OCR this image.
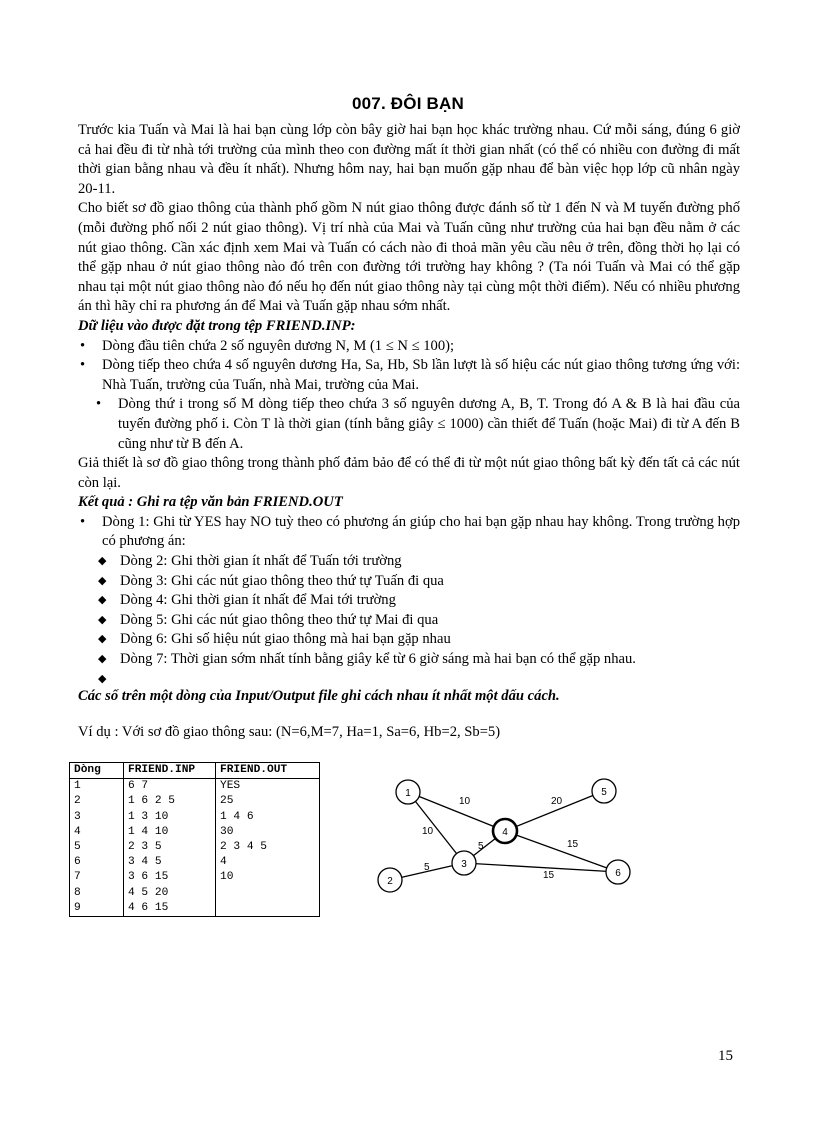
007. ĐÔI BẠN

Trước kia Tuấn và Mai là hai bạn cùng lớp còn bây giờ hai bạn học khác trường nhau. Cứ mỗi sáng, đúng 6 giờ cả hai đều đi từ nhà tới trường của mình theo con đường mất ít thời gian nhất (có thể có nhiều con đường đi mất thời gian bằng nhau và đều ít nhất). Nhưng hôm nay, hai bạn muốn gặp nhau để bàn việc họp lớp cũ nhân ngày 20-11.

Cho biết sơ đồ giao thông của thành phố gồm N nút giao thông được đánh số từ 1 đến N và M tuyến đường phố (mỗi đường phố nối 2 nút giao thông). Vị trí nhà của Mai và Tuấn cũng như trường của hai bạn đều nằm ở các nút giao thông. Cần xác định xem Mai và Tuấn có cách nào đi thoả mãn yêu cầu nêu ở trên, đồng thời họ lại có thể gặp nhau ở nút giao thông nào đó trên con đường tới trường hay không ? (Ta nói Tuấn và Mai có thể gặp nhau tại một nút giao thông nào đó nếu họ đến nút giao thông này tại cùng một thời điểm). Nếu có nhiều phương án thì hãy chỉ ra phương án để Mai và Tuấn gặp nhau sớm nhất.

Dữ liệu vào được đặt trong tệp FRIEND.INP:

• Dòng đầu tiên chứa 2 số nguyên dương N, M (1 ≤ N ≤ 100);
• Dòng tiếp theo chứa 4 số nguyên dương Ha, Sa, Hb, Sb lần lượt là số hiệu các nút giao thông tương ứng với: Nhà Tuấn, trường của Tuấn, nhà Mai, trường của Mai.
• Dòng thứ i trong số M dòng tiếp theo chứa 3 số nguyên dương A, B, T. Trong đó A & B là hai đầu của tuyến đường phố i. Còn T là thời gian (tính bằng giây ≤ 1000) cần thiết để Tuấn (hoặc Mai) đi từ A đến B cũng như từ B đến A.

Giả thiết là sơ đồ giao thông trong thành phố đảm bảo để có thể đi từ một nút giao thông bất kỳ đến tất cả các nút còn lại.

Kết quả : Ghi ra tệp văn bản FRIEND.OUT

• Dòng 1: Ghi từ YES hay NO tuỳ theo có phương án giúp cho hai bạn gặp nhau hay không. Trong trường hợp có phương án:
◆ Dòng 2: Ghi thời gian ít nhất để Tuấn tới trường
◆ Dòng 3: Ghi các nút giao thông theo thứ tự Tuấn đi qua
◆ Dòng 4: Ghi thời gian ít nhất để Mai tới trường
◆ Dòng 5: Ghi các nút giao thông theo thứ tự Mai đi qua
◆ Dòng 6: Ghi số hiệu nút giao thông mà hai bạn gặp nhau
◆ Dòng 7: Thời gian sớm nhất tính bằng giây kể từ 6 giờ sáng mà hai bạn có thể gặp nhau.
◆

Các số trên một dòng của Input/Output file ghi cách nhau ít nhất một dấu cách.

Ví dụ : Với sơ đồ giao thông sau: (N=6,M=7, Ha=1, Sa=6, Hb=2, Sb=5)

Dòng	FRIEND.INP	FRIEND.OUT
1	6 7	YES
2	1 6 2 5	25
3	1 3 10	1 4 6
4	1 4 10	30
5	2 3 5	2 3 4 5
6	3 4 5	4
7	3 6 15	10
8	4 5 20	
9	4 6 15	
10	20
10
5	15
5
15
1
2
3
4
5
6
15
